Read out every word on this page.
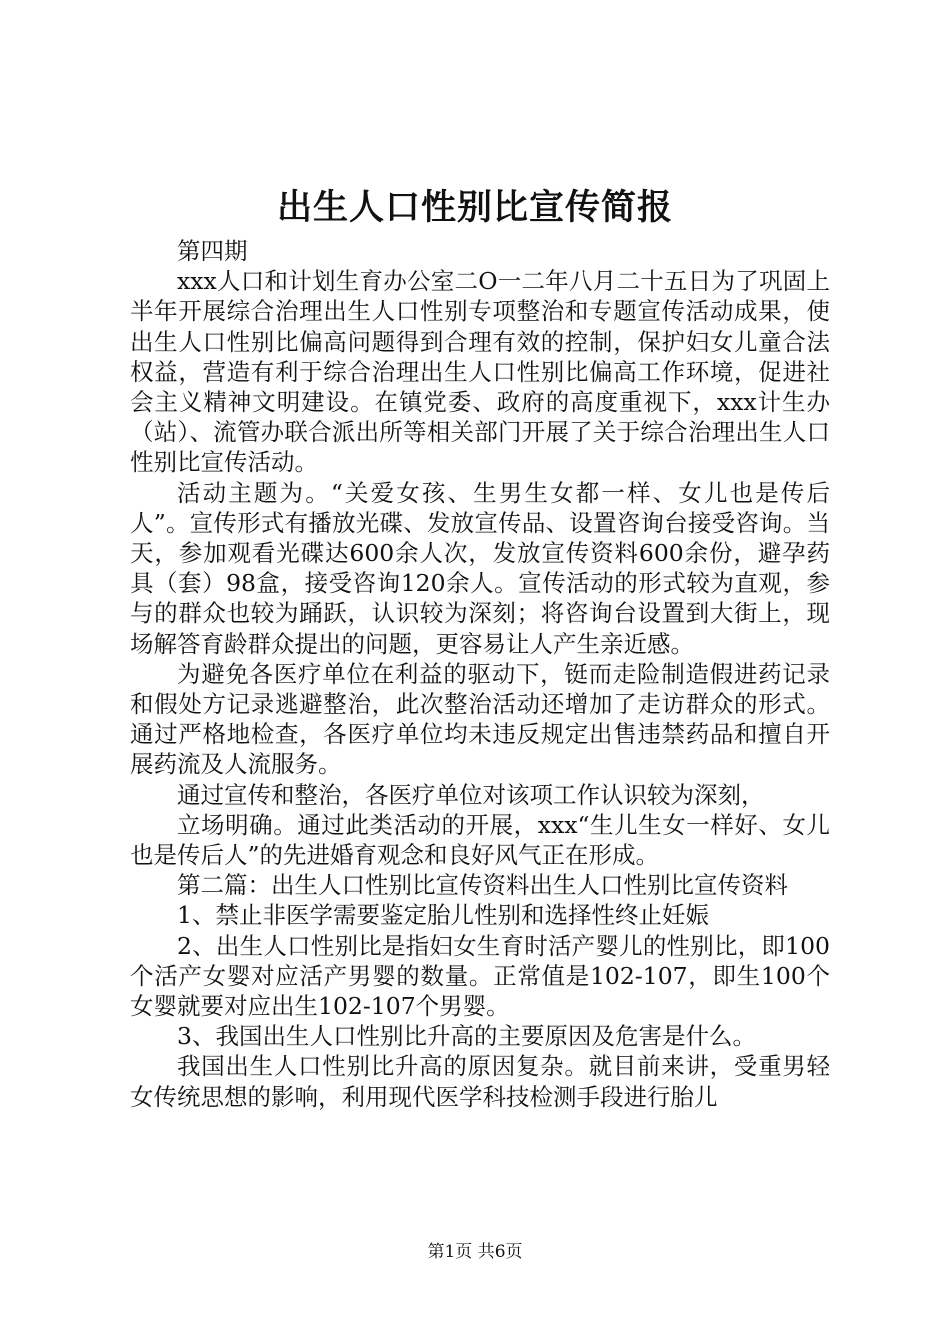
出生人口性别比宣传简报

第四期

xxx人口和计划生育办公室二O一二年八月二十五日为了巩固上半年开展综合治理出生人口性别专项整治和专题宣传活动成果，使出生人口性别比偏高问题得到合理有效的控制，保护妇女儿童合法权益，营造有利于综合治理出生人口性别比偏高工作环境，促进社会主义精神文明建设。在镇党委、政府的高度重视下，xxx计生办（站）、流管办联合派出所等相关部门开展了关于综合治理出生人口性别比宣传活动。

活动主题为。“关爱女孩、生男生女都一样、女儿也是传后人”。宣传形式有播放光碟、发放宣传品、设置咨询台接受咨询。当天，参加观看光碟达600余人次，发放宣传资料600余份，避孕药具（套）98盒，接受咨询120余人。宣传活动的形式较为直观，参与的群众也较为踊跃，认识较为深刻；将咨询台设置到大街上，现场解答育龄群众提出的问题，更容易让人产生亲近感。

为避免各医疗单位在利益的驱动下，铤而走险制造假进药记录和假处方记录逃避整治，此次整治活动还增加了走访群众的形式。通过严格地检查，各医疗单位均未违反规定出售违禁药品和擅自开展药流及人流服务。

通过宣传和整治，各医疗单位对该项工作认识较为深刻，

立场明确。通过此类活动的开展，xxx“生儿生女一样好、女儿也是传后人”的先进婚育观念和良好风气正在形成。

第二篇：出生人口性别比宣传资料出生人口性别比宣传资料

1、禁止非医学需要鉴定胎儿性别和选择性终止妊娠

2、出生人口性别比是指妇女生育时活产婴儿的性别比，即100个活产女婴对应活产男婴的数量。正常值是102-107，即生100个女婴就要对应出生102-107个男婴。

3、我国出生人口性别比升高的主要原因及危害是什么。

我国出生人口性别比升高的原因复杂。就目前来讲，受重男轻女传统思想的影响，利用现代医学科技检测手段进行胎儿

第1页 共6页
